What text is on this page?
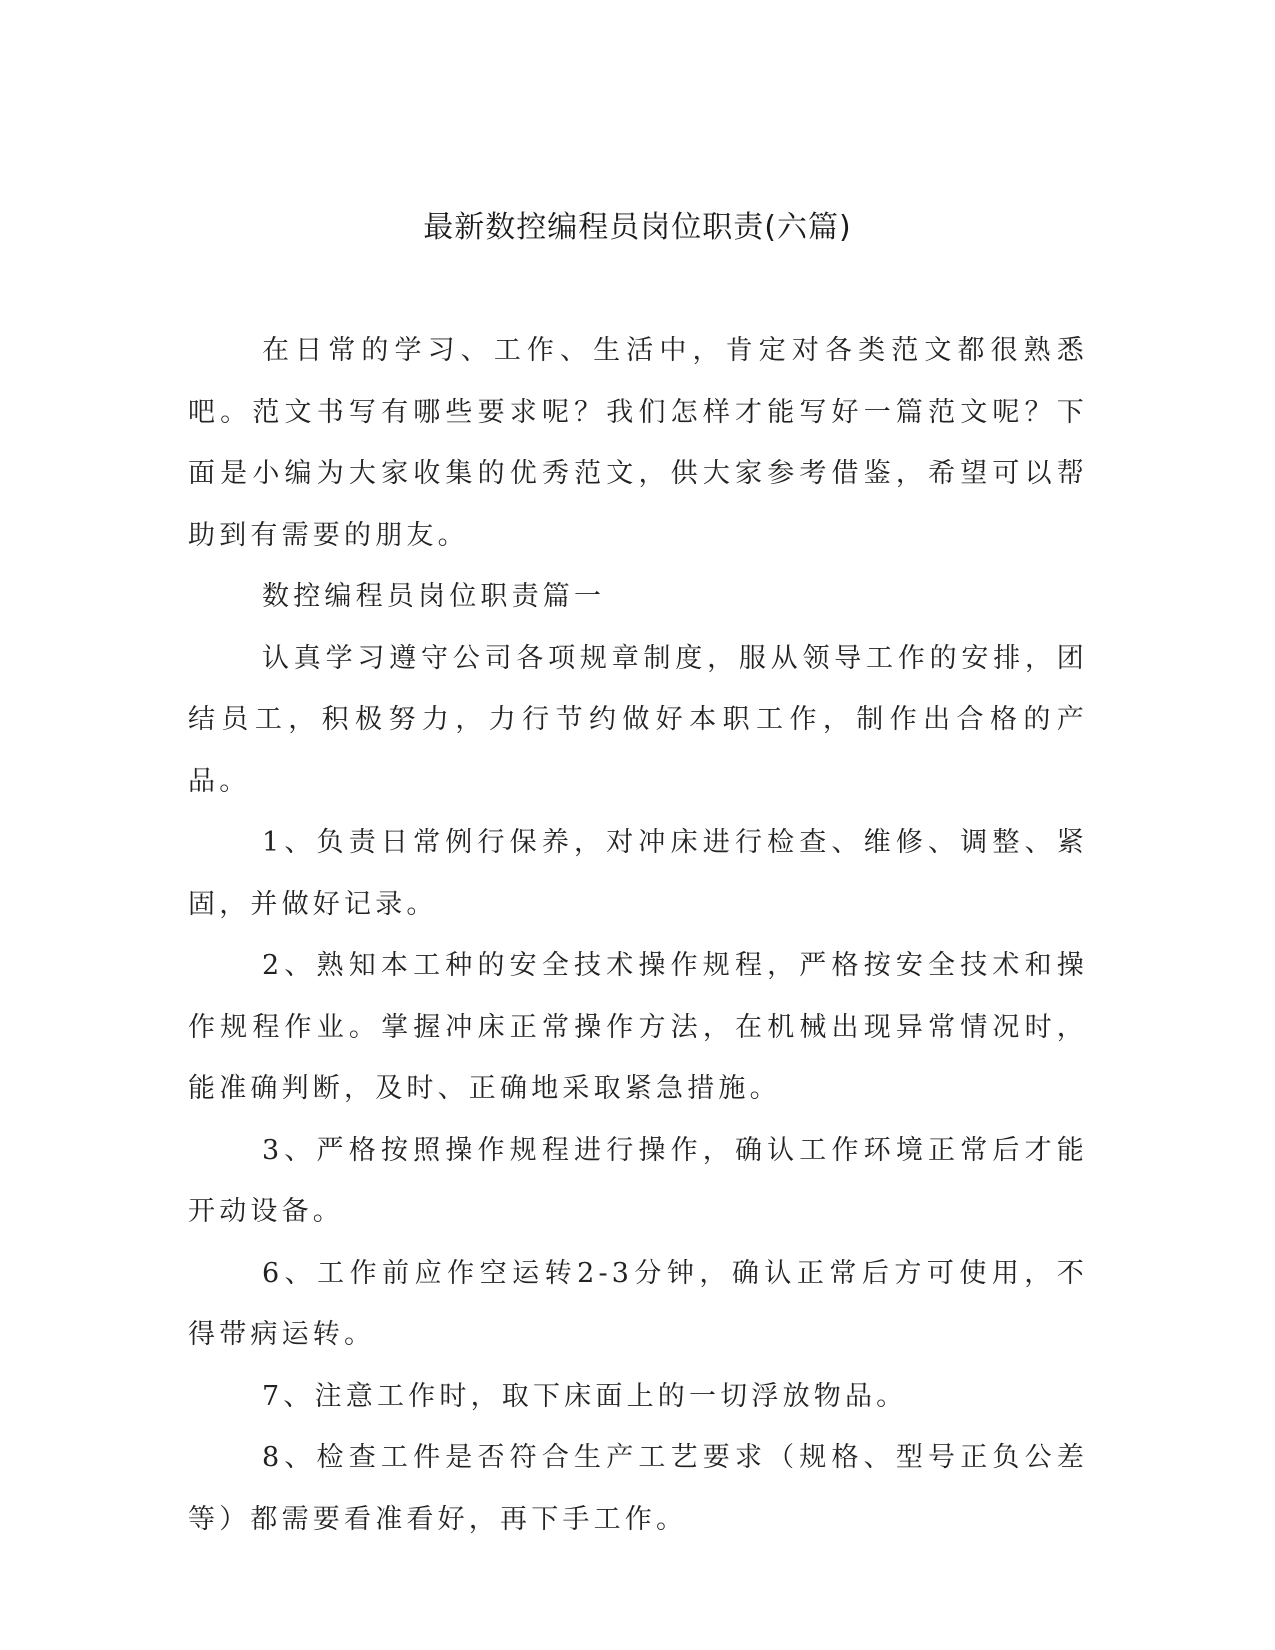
最新数控编程员岗位职责(六篇)

在日常的学习、工作、生活中，肯定对各类范文都很熟悉吧。范文书写有哪些要求呢？我们怎样才能写好一篇范文呢？下面是小编为大家收集的优秀范文，供大家参考借鉴，希望可以帮助到有需要的朋友。

数控编程员岗位职责篇一

认真学习遵守公司各项规章制度，服从领导工作的安排，团结员工，积极努力，力行节约做好本职工作，制作出合格的产品。

1、负责日常例行保养，对冲床进行检查、维修、调整、紧固，并做好记录。

2、熟知本工种的安全技术操作规程，严格按安全技术和操作规程作业。掌握冲床正常操作方法，在机械出现异常情况时，能准确判断，及时、正确地采取紧急措施。

3、严格按照操作规程进行操作，确认工作环境正常后才能开动设备。

6、工作前应作空运转2-3分钟，确认正常后方可使用，不得带病运转。

7、注意工作时，取下床面上的一切浮放物品。

8、检查工件是否符合生产工艺要求（规格、型号正负公差等）都需要看准看好，再下手工作。
